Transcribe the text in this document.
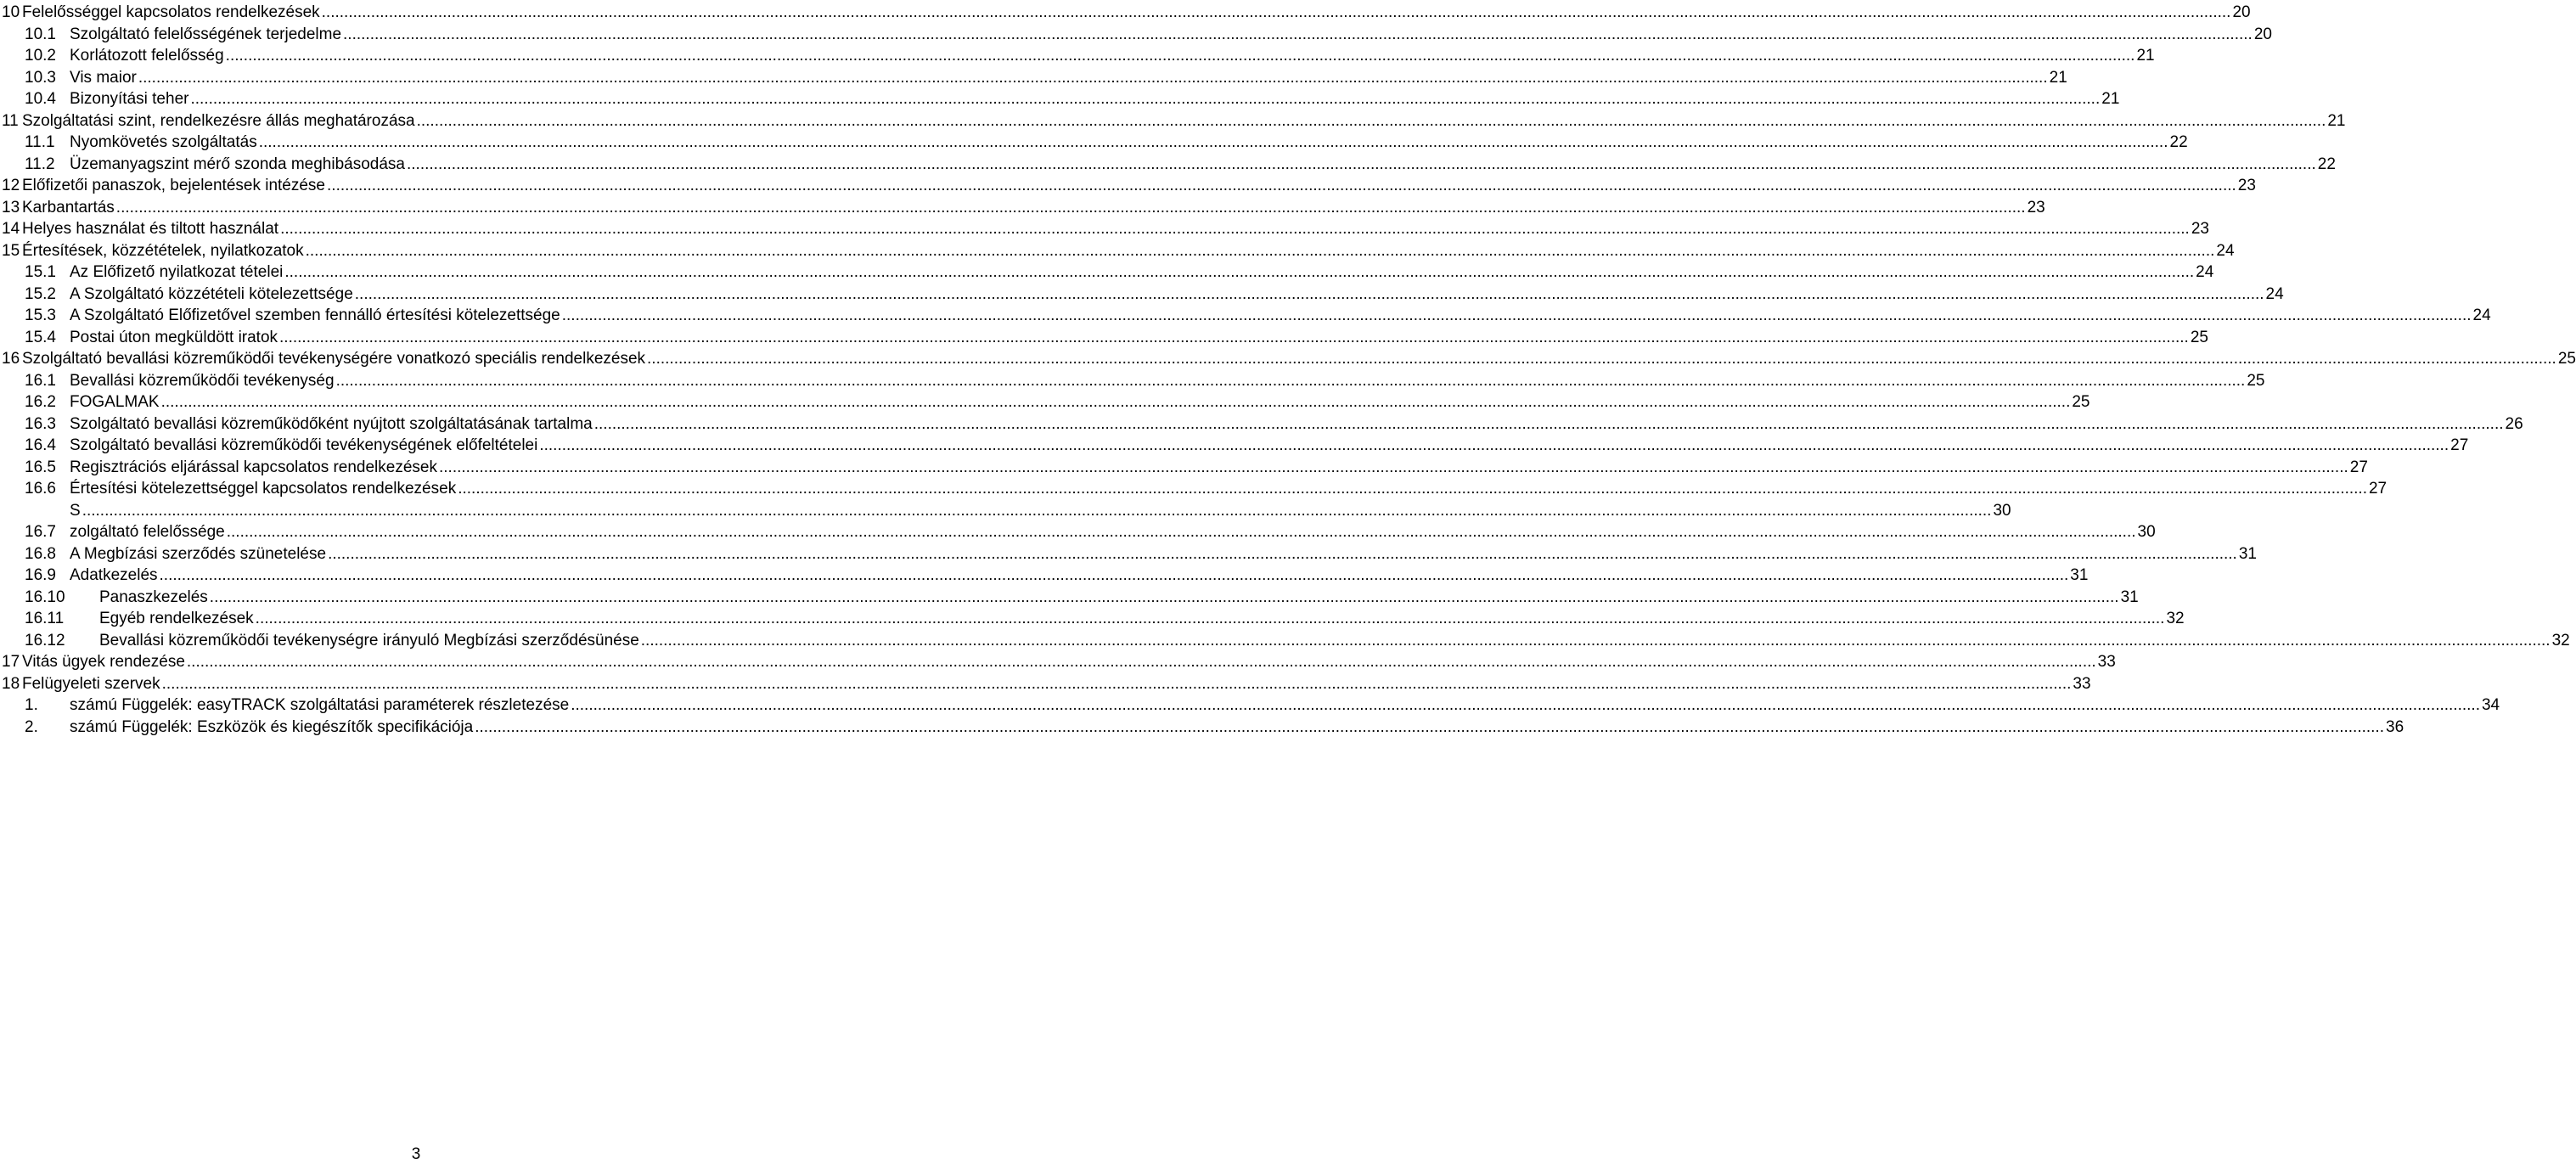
10 Felelősséggel kapcsolatos rendelkezések .....	20
10.1 Szolgáltató felelősségének terjedelme .....	20
10.2 Korlátozott felelősség .....	21
10.3 Vis maior .....	21
10.4 Bizonyítási teher .....	21
11 Szolgáltatási szint, rendelkezésre állás meghatározása .....	21
11.1 Nyomkövetés szolgáltatás .....	22
11.2 Üzemanyagszint mérő szonda meghibásodása .....	22
12 Előfizetői panaszok, bejelentések intézése .....	23
13 Karbantartás .....	23
14 Helyes használat és tiltott használat .....	23
15 Értesítések, közzétételek, nyilatkozatok .....	24
15.1 Az Előfizető nyilatkozat tételei .....	24
15.2 A Szolgáltató közzétételi kötelezettsége .....	24
15.3 A Szolgáltató Előfizetővel szemben fennálló értesítési kötelezettsége .....	24
15.4 Postai úton megküldött iratok .....	25
16 Szolgáltató bevallási közreműködői tevékenységére vonatkozó speciális rendelkezések .....	25
16.1 Bevallási közreműködői tevékenység .....	25
16.2 FOGALMAK .....	25
16.3 Szolgáltató bevallási közreműködőként nyújtott szolgáltatásának tartalma .....	26
16.4 Szolgáltató bevallási közreműködői tevékenységének előfeltételei .....	27
16.5 Regisztrációs eljárással kapcsolatos rendelkezések .....	27
16.6 Értesítési kötelezettséggel kapcsolatos rendelkezések .....	27
S .....	30
16.7 zolgáltató felelőssége .....	30
16.8 A Megbízási szerződés szünetelése .....	31
16.9 Adatkezelés .....	31
16.10	Panaszkezelés .....	31
16.11	Egyéb rendelkezések .....	32
16.12	Bevallási közreműködői tevékenységre irányuló Megbízási szerződésünése .....	32
17 Vitás ügyek rendezése .....	33
18 Felügyeleti szervek .....	33
1.	számú Függelék: easyTRACK szolgáltatási paraméterek részletezése .....	34
2.	számú Függelék: Eszközök és kiegészítők specifikációja .....	36
3
